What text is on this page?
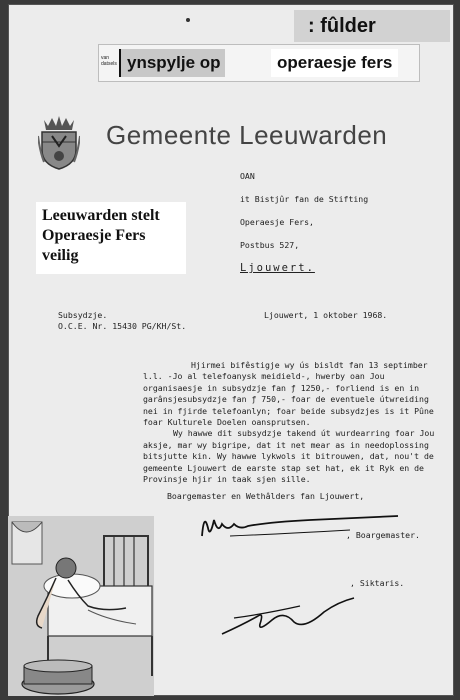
: fûlder
van
datsels ynspylje op	operaesje fers
Gemeente Leeuwarden
Leeuwarden stelt
Operaesje Fers
veilig
OAN
it Bistjûr fan de Stifting
Operaesje Fers,
Postbus 527,
Ljouwert.
Subsydzje.
O.C.E. Nr. 15430 PG/KH/St.
Ljouwert, 1 oktober 1968.

Hjirmei bifêstigje wy ús bisldt fan 13 septimber l.l. -Jo al telefoanysk meidield-, hwerby oan Jou organisaesje in subsydzje fan ƒ 1250,- forliend is en in garânsjesubsydzje fan ƒ 750,- foar de eventuele útwreiding nei in fjirde telefoanlyn; foar beide subsydzjes is it Pûne foar Kulturele Doelen oansprutsen.

Wy hawwe dit subsydzje takend út wurdearring foar Jou aksje, mar wy bigripe, dat it net mear as in needoplossing bitsjutte kin. Wy hawwe lykwols it bitrouwen, dat, nou't de gemeente Ljouwert de earste stap set hat, ek it Ryk en de Provinsje hjir in taak sjen sille.

Boargemaster en Wethâlders fan Ljouwert,

, Boargemaster.
, Siktaris.
